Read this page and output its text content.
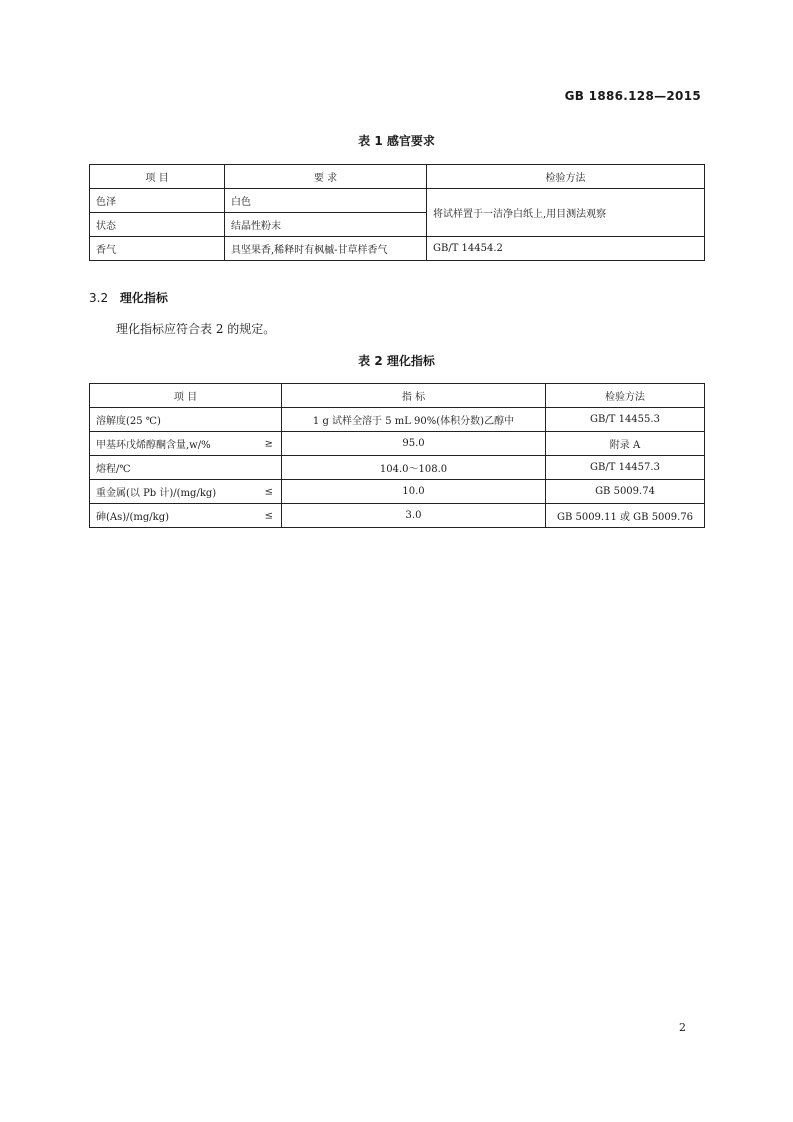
GB 1886.128—2015
表 1 感官要求
项 目	要 求	检验方法
色泽	白色	将试样置于一洁净白纸上,用目测法观察
状态	结晶性粉末	
香气	具坚果香,稀释时有枫槭-甘草样香气	GB/T 14454.2
3.2 理化指标
理化指标应符合表 2 的规定。
表 2 理化指标
项 目	指 标	检验方法
溶解度(25 ℃)	1 g 试样全溶于 5 mL 90%(体积分数)乙醇中	GB/T 14455.3
甲基环戊烯醇酮含量,w/% ≥	95.0	附录 A
熔程/℃	104.0～108.0	GB/T 14457.3
重金属(以 Pb 计)/(mg/kg) ≤	10.0	GB 5009.74
砷(As)/(mg/kg) ≤	3.0	GB 5009.11 或 GB 5009.76
2
